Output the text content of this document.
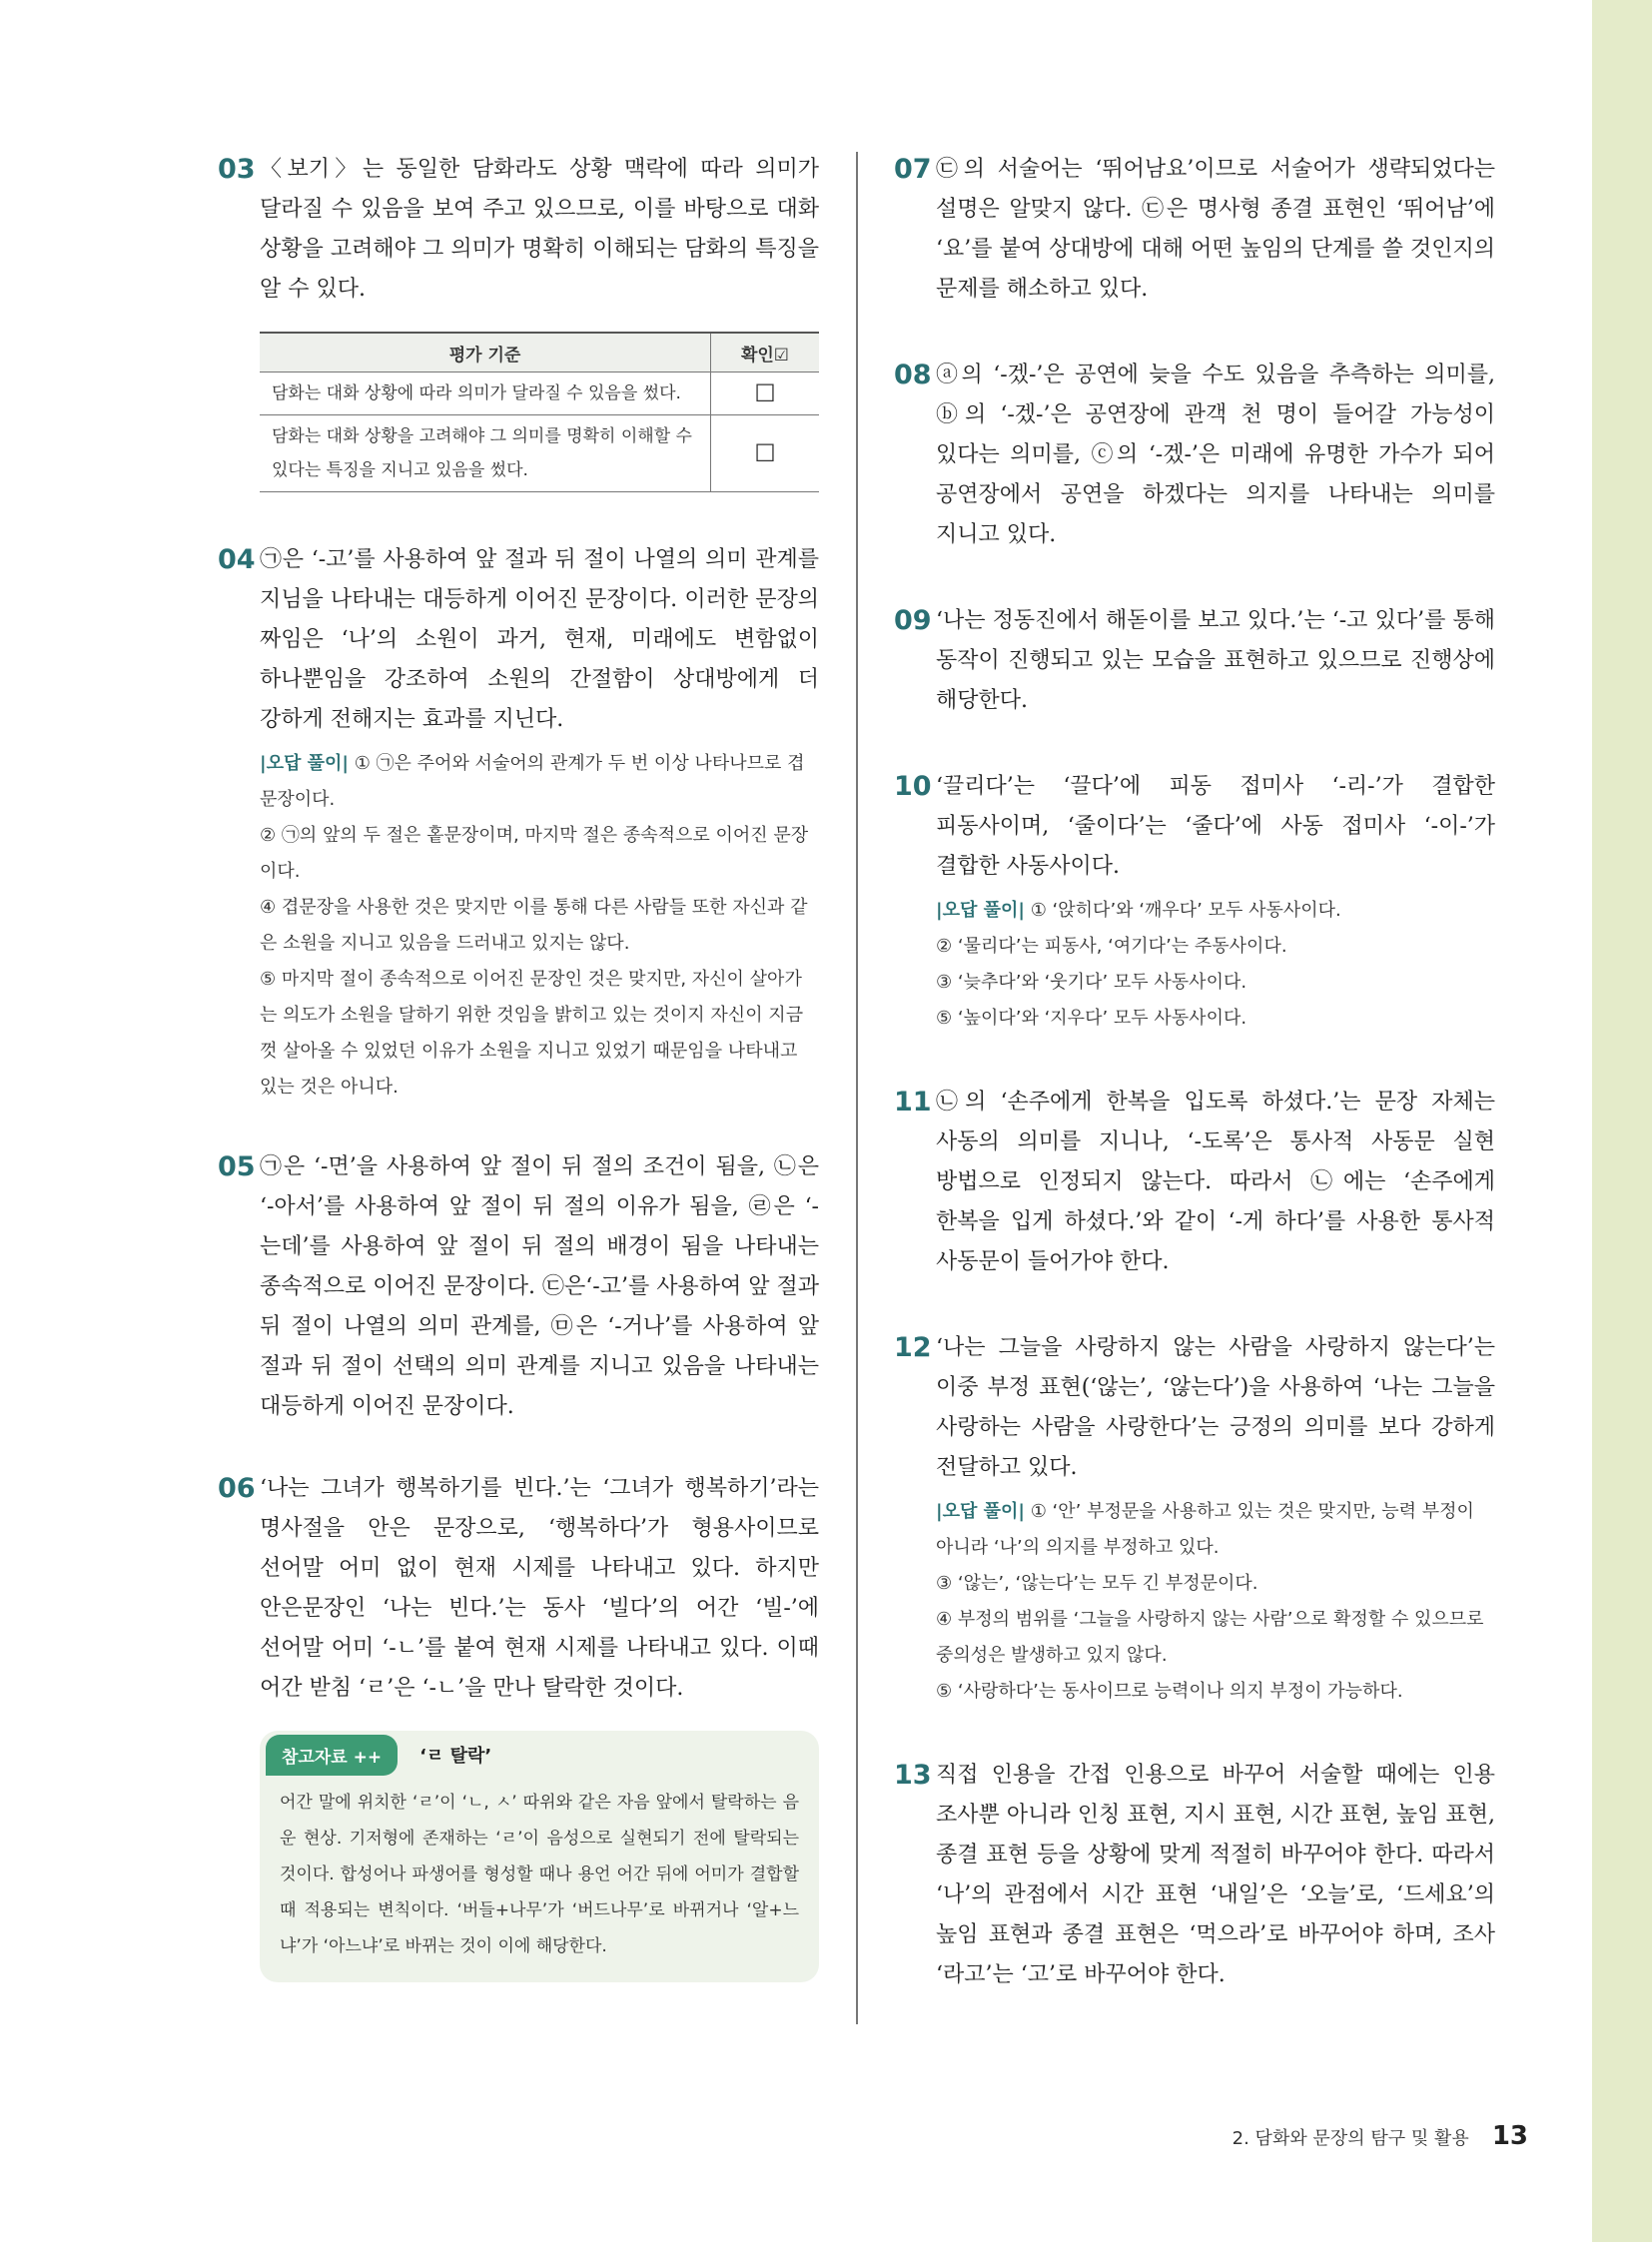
03 〈보기〉는 동일한 담화라도 상황 맥락에 따라 의미가 달라질 수 있음을 보여 주고 있으므로, 이를 바탕으로 대화 상황을 고려해야 그 의미가 명확히 이해되는 담화의 특징을 알 수 있다.
평가 기준	확인☑
담화는 대화 상황에 따라 의미가 달라질 수 있음을 썼다.	☐
담화는 대화 상황을 고려해야 그 의미를 명확히 이해할 수 있다는 특징을 지니고 있음을 썼다.	☐
04 ㉠은 ‘-고’를 사용하여 앞 절과 뒤 절이 나열의 의미 관계를 지님을 나타내는 대등하게 이어진 문장이다. 이러한 문장의 짜임은 ‘나’의 소원이 과거, 현재, 미래에도 변함없이 하나뿐임을 강조하여 소원의 간절함이 상대방에게 더 강하게 전해지는 효과를 지닌다.

|오답 풀이| ① ㉠은 주어와 서술어의 관계가 두 번 이상 나타나므로 겹문장이다.

② ㉠의 앞의 두 절은 홑문장이며, 마지막 절은 종속적으로 이어진 문장이다.

④ 겹문장을 사용한 것은 맞지만 이를 통해 다른 사람들 또한 자신과 같은 소원을 지니고 있음을 드러내고 있지는 않다.

⑤ 마지막 절이 종속적으로 이어진 문장인 것은 맞지만, 자신이 살아가는 의도가 소원을 달하기 위한 것임을 밝히고 있는 것이지 자신이 지금껏 살아올 수 있었던 이유가 소원을 지니고 있었기 때문임을 나타내고 있는 것은 아니다.

05 ㉠은 ‘-면’을 사용하여 앞 절이 뒤 절의 조건이 됨을, ㉡은 ‘-아서’를 사용하여 앞 절이 뒤 절의 이유가 됨을, ㉣은 ‘-는데’를 사용하여 앞 절이 뒤 절의 배경이 됨을 나타내는 종속적으로 이어진 문장이다. ㉢은‘-고’를 사용하여 앞 절과 뒤 절이 나열의 의미 관계를, ㉤은 ‘-거나’를 사용하여 앞 절과 뒤 절이 선택의 의미 관계를 지니고 있음을 나타내는 대등하게 이어진 문장이다.
06 ‘나는 그녀가 행복하기를 빈다.’는 ‘그녀가 행복하기’라는 명사절을 안은 문장으로, ‘행복하다’가 형용사이므로 선어말 어미 없이 현재 시제를 나타내고 있다. 하지만 안은문장인 ‘나는 빈다.’는 동사 ‘빌다’의 어간 ‘빌-’에 선어말 어미 ‘-ㄴ’를 붙여 현재 시제를 나타내고 있다. 이때 어간 받침 ‘ㄹ’은 ‘-ㄴ’을 만나 탈락한 것이다.
참고자료 ++	‘ㄹ 탈락’
어간 말에 위치한 ‘ㄹ’이 ‘ㄴ, ㅅ’ 따위와 같은 자음 앞에서 탈락하는 음운 현상. 기저형에 존재하는 ‘ㄹ’이 음성으로 실현되기 전에 탈락되는 것이다. 합성어나 파생어를 형성할 때나 용언 어간 뒤에 어미가 결합할 때 적용되는 변칙이다. ‘버들+나무’가 ‘버드나무’로 바뀌거나 ‘알+느냐’가 ‘아느냐’로 바뀌는 것이 이에 해당한다.
07 ㉢의 서술어는 ‘뛰어남요’이므로 서술어가 생략되었다는 설명은 알맞지 않다. ㉢은 명사형 종결 표현인 ‘뛰어남’에 ‘요’를 붙여 상대방에 대해 어떤 높임의 단계를 쓸 것인지의 문제를 해소하고 있다.
08 ⓐ의 ‘-겠-’은 공연에 늦을 수도 있음을 추측하는 의미를, ⓑ의 ‘-겠-’은 공연장에 관객 천 명이 들어갈 가능성이 있다는 의미를, ⓒ의 ‘-겠-’은 미래에 유명한 가수가 되어 공연장에서 공연을 하겠다는 의지를 나타내는 의미를 지니고 있다.
09 ‘나는 정동진에서 해돋이를 보고 있다.’는 ‘-고 있다’를 통해 동작이 진행되고 있는 모습을 표현하고 있으므로 진행상에 해당한다.
10 ‘끌리다’는 ‘끌다’에 피동 접미사 ‘-리-’가 결합한 피동사이며, ‘줄이다’는 ‘줄다’에 사동 접미사 ‘-이-’가 결합한 사동사이다.

|오답 풀이| ① ‘앉히다’와 ‘깨우다’ 모두 사동사이다.

② ‘물리다’는 피동사, ‘여기다’는 주동사이다.

③ ‘늦추다’와 ‘웃기다’ 모두 사동사이다.

⑤ ‘높이다’와 ‘지우다’ 모두 사동사이다.

11 ㉡의 ‘손주에게 한복을 입도록 하셨다.’는 문장 자체는 사동의 의미를 지니나, ‘-도록’은 통사적 사동문 실현 방법으로 인정되지 않는다. 따라서 ㉡에는 ‘손주에게 한복을 입게 하셨다.’와 같이 ‘-게 하다’를 사용한 통사적 사동문이 들어가야 한다.
12 ‘나는 그늘을 사랑하지 않는 사람을 사랑하지 않는다’는 이중 부정 표현(‘않는’, ‘않는다’)을 사용하여 ‘나는 그늘을 사랑하는 사람을 사랑한다’는 긍정의 의미를 보다 강하게 전달하고 있다.

|오답 풀이| ① ‘안’ 부정문을 사용하고 있는 것은 맞지만, 능력 부정이 아니라 ‘나’의 의지를 부정하고 있다.

③ ‘않는’, ‘않는다’는 모두 긴 부정문이다.

④ 부정의 범위를 ‘그늘을 사랑하지 않는 사람’으로 확정할 수 있으므로 중의성은 발생하고 있지 않다.

⑤ ‘사랑하다’는 동사이므로 능력이나 의지 부정이 가능하다.

13 직접 인용을 간접 인용으로 바꾸어 서술할 때에는 인용 조사뿐 아니라 인칭 표현, 지시 표현, 시간 표현, 높임 표현, 종결 표현 등을 상황에 맞게 적절히 바꾸어야 한다. 따라서 ‘나’의 관점에서 시간 표현 ‘내일’은 ‘오늘’로, ‘드세요’의 높임 표현과 종결 표현은 ‘먹으라’로 바꾸어야 하며, 조사 ‘라고’는 ‘고’로 바꾸어야 한다.
2. 담화와 문장의 탐구 및 활용 13
